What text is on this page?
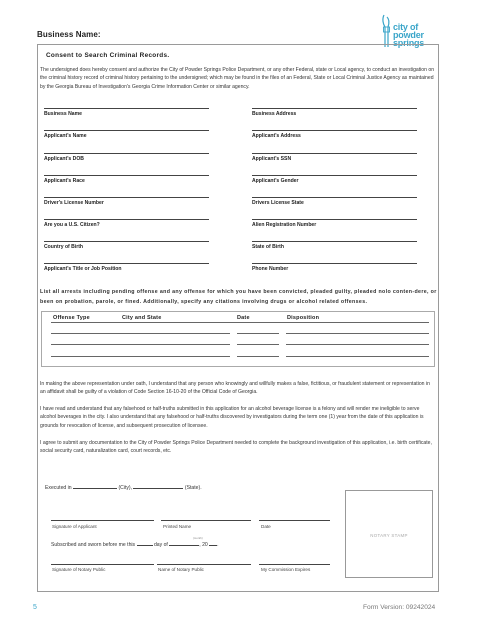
Business Name:
city of
powder springs
Consent to Search Criminal Records.
The undersigned does hereby consent and authorize the City of Powder Springs Police Department, or any other Federal, state or Local agency, to conduct an investigation on the criminal history record of criminal history pertaining to the undersigned; which may be found in the files of an Federal, State or Local Criminal Justice Agency as maintained by the Georgia Bureau of Investigation's Georgia Crime Information Center or similar agency.
Business Name	Business Address
Applicant's Name	Applicant's Address
Applicant's DOB	Applicant's SSN
Applicant's Race	Applicant's Gender
Driver's License Number	Drivers License State
Are you a U.S. Citizen?	Alien Registration Number
Country of Birth	State of Birth
Applicant's Title or Job Position	Phone Number
List all arrests including pending offense and any offense for which you have been convicted, pleaded guilty, pleaded nolo conten-dere, or been on probation, parole, or fined. Additionally, specify any citations involving drugs or alcohol related offenses.
Offense Type	City and State	Date	Disposition
In making the above representation under oath, I understand that any person who knowingly and willfully makes a false, fictitious, or fraudulent statement or representation in an affidavit shall be guilty of a violation of Code Section 16-10-20 of the Official Code of Georgia.
I have read and understand that any falsehood or half-truths submitted in this application for an alcohol beverage license is a felony and will render me ineligible to serve alcohol beverages in the city. I also understand that any falsehood or half-truths discovered by investigators during the term one (1) year from the date of this application is grounds for revocation of license, and subsequent prosecution of licensee.
I agree to submit any documentation to the City of Powder Springs Police Department needed to complete the background investigation of this application, i.e. birth certificate, social security card, naturalization card, court records, etc.
Executed in	(City),	(State).
Signature of Applicant	Printed Name	Date
(month)
Subscribed and sworn before me this	day of	, 20 .
Signature of Notary Public	Name of Notary Public	My Commission Expires
NOTARY STAMP
5	Form Version: 09242024
